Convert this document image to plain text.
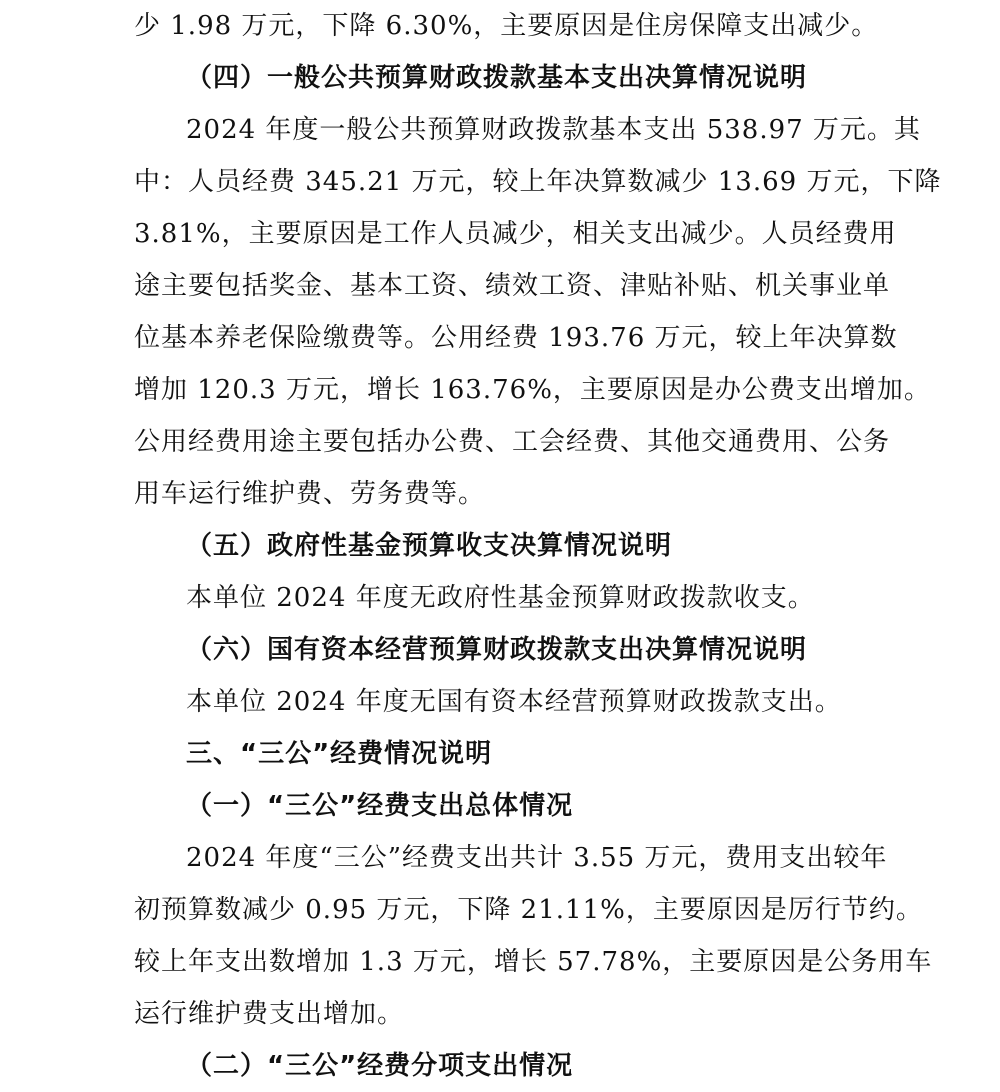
少 1.98 万元，下降 6.30%，主要原因是住房保障支出减少。
（四）一般公共预算财政拨款基本支出决算情况说明
2024 年度一般公共预算财政拨款基本支出 538.97 万元。其
中：人员经费 345.21 万元，较上年决算数减少 13.69 万元，下降
3.81%，主要原因是工作人员减少，相关支出减少。人员经费用
途主要包括奖金、基本工资、绩效工资、津贴补贴、机关事业单
位基本养老保险缴费等。公用经费 193.76 万元，较上年决算数
增加 120.3 万元，增长 163.76%，主要原因是办公费支出增加。
公用经费用途主要包括办公费、工会经费、其他交通费用、公务
用车运行维护费、劳务费等。
（五）政府性基金预算收支决算情况说明
本单位 2024 年度无政府性基金预算财政拨款收支。
（六）国有资本经营预算财政拨款支出决算情况说明
本单位 2024 年度无国有资本经营预算财政拨款支出。
三、“三公”经费情况说明
（一）“三公”经费支出总体情况
2024 年度“三公”经费支出共计 3.55 万元，费用支出较年
初预算数减少 0.95 万元，下降 21.11%，主要原因是厉行节约。
较上年支出数增加 1.3 万元，增长 57.78%，主要原因是公务用车
运行维护费支出增加。
（二）“三公”经费分项支出情况
